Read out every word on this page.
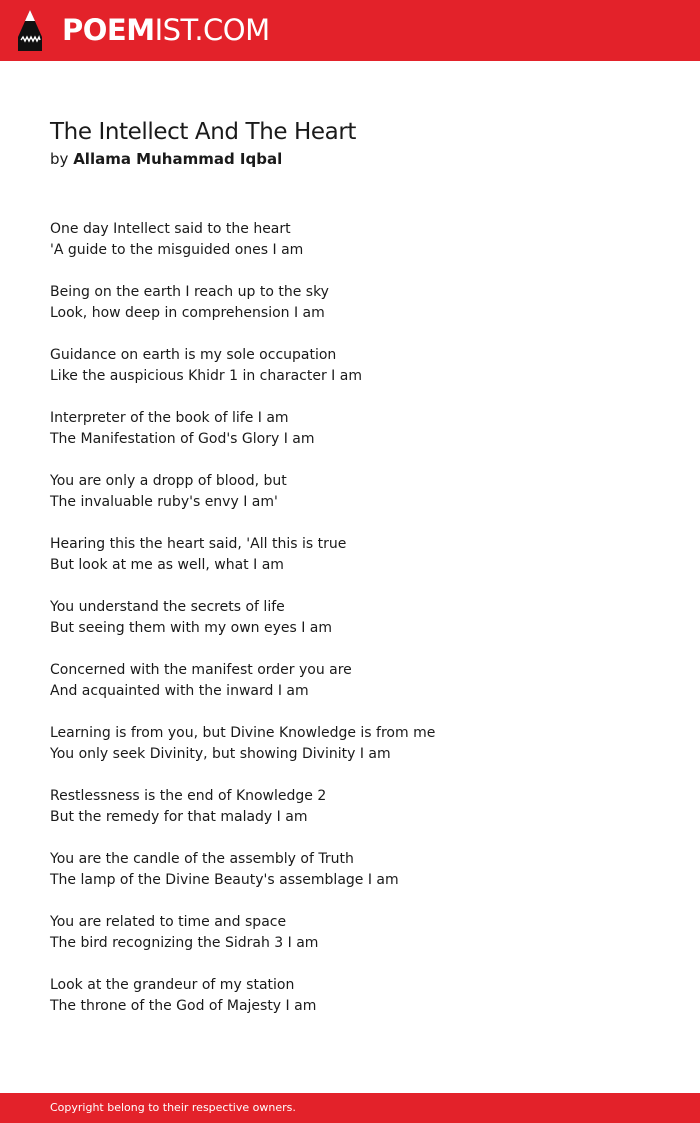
POEMIST.COM
The Intellect And The Heart
by Allama Muhammad Iqbal
One day Intellect said to the heart
'A guide to the misguided ones I am
Being on the earth I reach up to the sky
Look, how deep in comprehension I am
Guidance on earth is my sole occupation
Like the auspicious Khidr 1 in character I am
Interpreter of the book of life I am
The Manifestation of God's Glory I am
You are only a dropp of blood, but
The invaluable ruby's envy I am'
Hearing this the heart said, 'All this is true
But look at me as well, what I am
You understand the secrets of life
But seeing them with my own eyes I am
Concerned with the manifest order you are
And acquainted with the inward I am
Learning is from you, but Divine Knowledge is from me
You only seek Divinity, but showing Divinity I am
Restlessness is the end of Knowledge 2
But the remedy for that malady I am
You are the candle of the assembly of Truth
The lamp of the Divine Beauty's assemblage I am
You are related to time and space
The bird recognizing the Sidrah 3 I am
Look at the grandeur of my station
The throne of the God of Majesty I am
Copyright belong to their respective owners.
